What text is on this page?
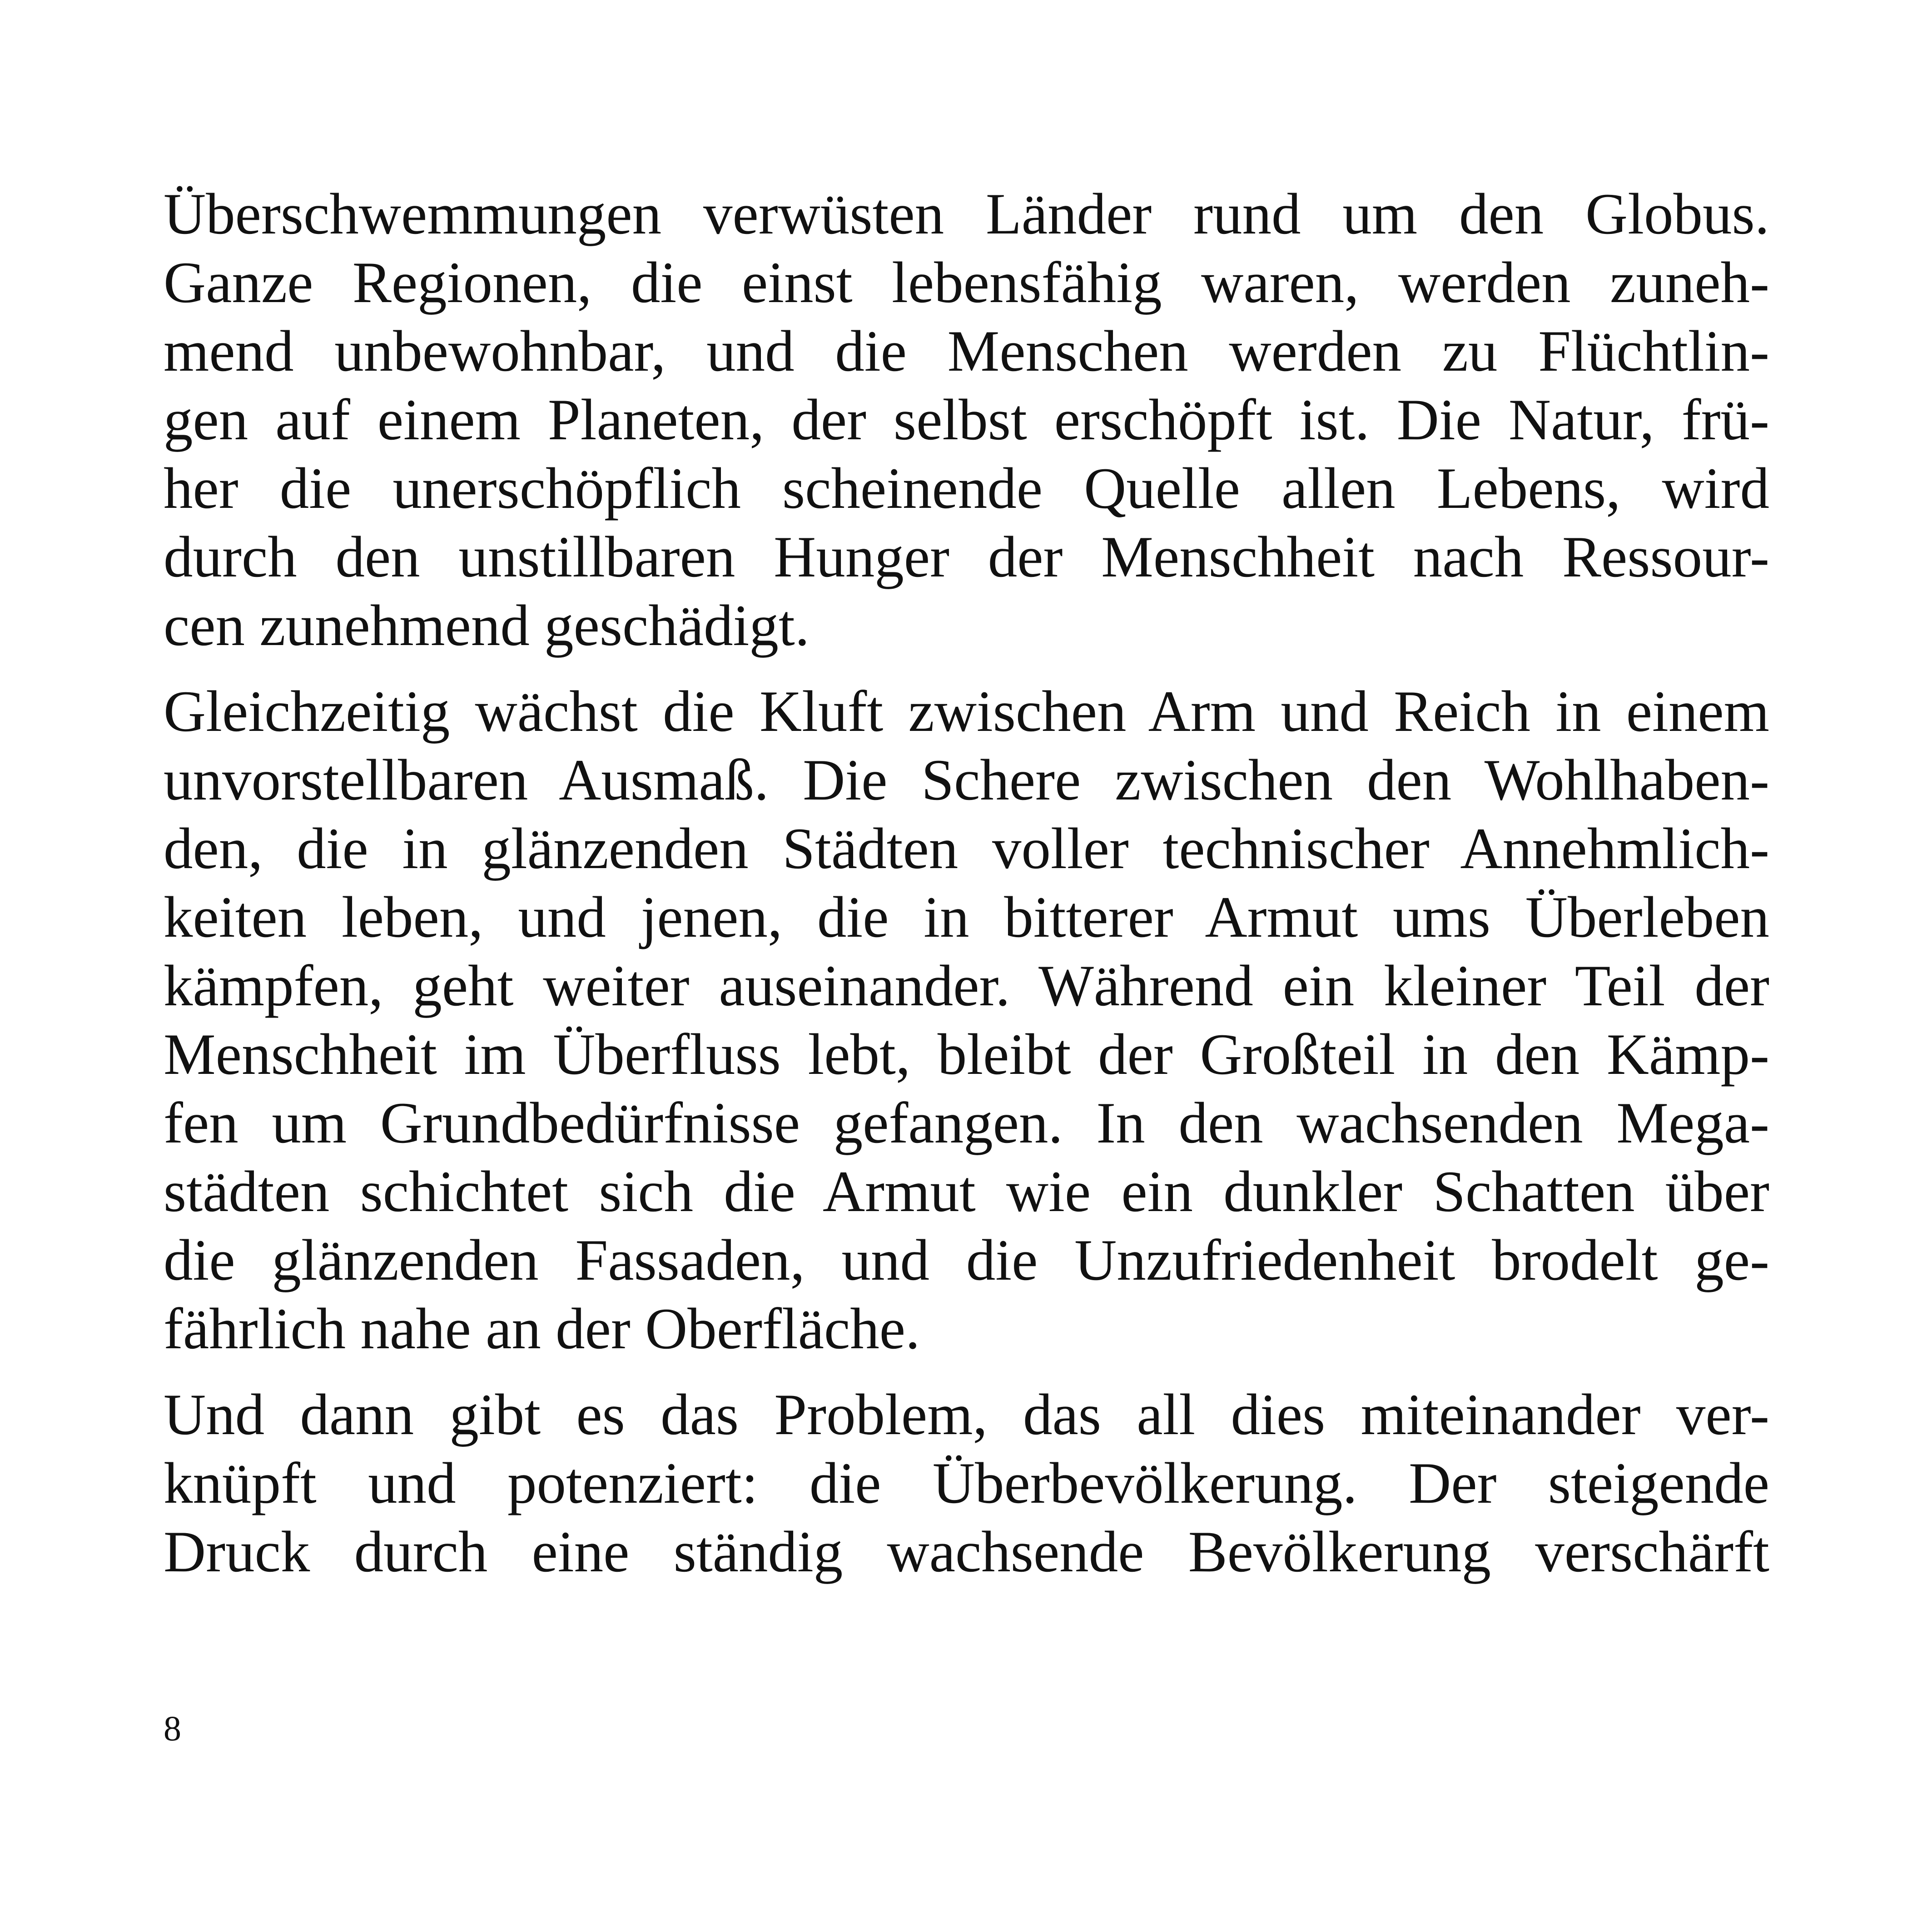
Überschwemmungen verwüsten Länder rund um den Globus.
Ganze Regionen, die einst lebensfähig waren, werden zuneh-
mend unbewohnbar, und die Menschen werden zu Flüchtlin-
gen auf einem Planeten, der selbst erschöpft ist. Die Natur, frü-
her die unerschöpflich scheinende Quelle allen Lebens, wird
durch den unstillbaren Hunger der Menschheit nach Ressour-
cen zunehmend geschädigt.
Gleichzeitig wächst die Kluft zwischen Arm und Reich in einem
unvorstellbaren Ausmaß. Die Schere zwischen den Wohlhaben-
den, die in glänzenden Städten voller technischer Annehmlich-
keiten leben, und jenen, die in bitterer Armut ums Überleben
kämpfen, geht weiter auseinander. Während ein kleiner Teil der
Menschheit im Überfluss lebt, bleibt der Großteil in den Kämp-
fen um Grundbedürfnisse gefangen. In den wachsenden Mega-
städten schichtet sich die Armut wie ein dunkler Schatten über
die glänzenden Fassaden, und die Unzufriedenheit brodelt ge-
fährlich nahe an der Oberfläche.
Und dann gibt es das Problem, das all dies miteinander ver-
knüpft und potenziert: die Überbevölkerung. Der steigende
Druck durch eine ständig wachsende Bevölkerung verschärft
8
